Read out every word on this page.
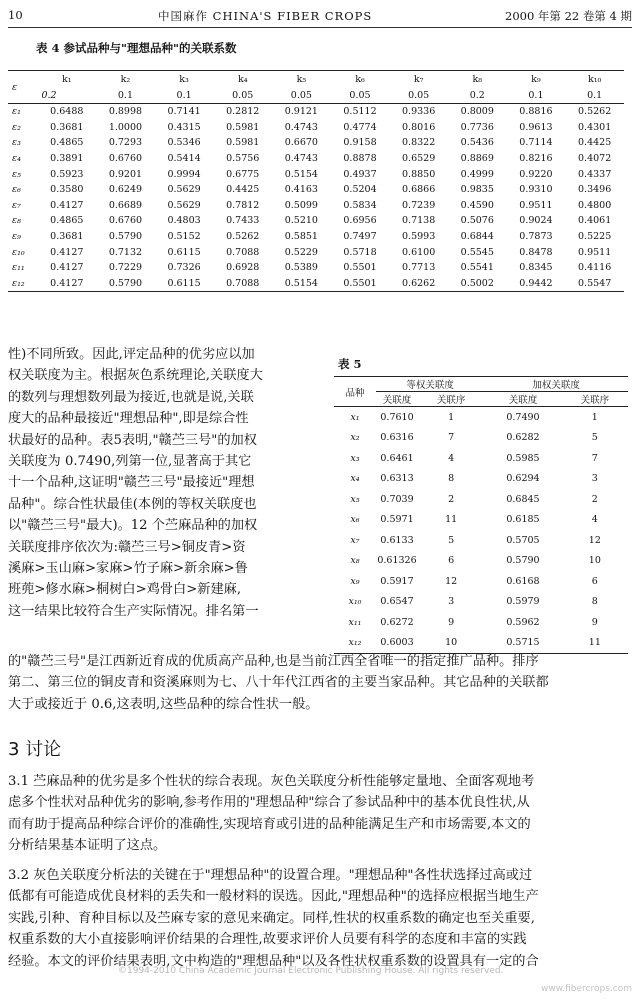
10	中国麻作 CHINA'S FIBER CROPS	2000 年第 22 卷第 4 期
表 4 参试品种与"理想品种"的关联系数
ε	k₁	k₂	k₃	k₄	k₅	k₆	k₇	k₈	k₉	k₁₀
	0.2	0.1	0.1	0.05	0.05	0.05	0.05	0.2	0.1	0.1
ε₁	0.6488	0.8998	0.7141	0.2812	0.9121	0.5112	0.9336	0.8009	0.8816	0.5262
ε₂	0.3681	1.0000	0.4315	0.5981	0.4743	0.4774	0.8016	0.7736	0.9613	0.4301
ε₃	0.4865	0.7293	0.5346	0.5981	0.6670	0.9158	0.8322	0.5436	0.7114	0.4425
ε₄	0.3891	0.6760	0.5414	0.5756	0.4743	0.8878	0.6529	0.8869	0.8216	0.4072
ε₅	0.5923	0.9201	0.9994	0.6775	0.5154	0.4937	0.8850	0.4999	0.9220	0.4337
ε₆	0.3580	0.6249	0.5629	0.4425	0.4163	0.5204	0.6866	0.9835	0.9310	0.3496
ε₇	0.4127	0.6689	0.5629	0.7812	0.5099	0.5834	0.7239	0.4590	0.9511	0.4800
ε₈	0.4865	0.6760	0.4803	0.7433	0.5210	0.6956	0.7138	0.5076	0.9024	0.4061
ε₉	0.3681	0.5790	0.5152	0.5262	0.5851	0.7497	0.5993	0.6844	0.7873	0.5225
ε₁₀	0.4127	0.7132	0.6115	0.7088	0.5229	0.5718	0.6100	0.5545	0.8478	0.9511
ε₁₁	0.4127	0.7229	0.7326	0.6928	0.5389	0.5501	0.7713	0.5541	0.8345	0.4116
ε₁₂	0.4127	0.5790	0.6115	0.7088	0.5154	0.5501	0.6262	0.5002	0.9442	0.5547

性)不同所致。因此,评定品种的优劣应以加

权关联度为主。根据灰色系统理论,关联度大

的数列与理想数列最为接近,也就是说,关联

度大的品种最接近"理想品种",即是综合性

状最好的品种。表5表明,"赣苎三号"的加权

关联度为 0.7490,列第一位,显著高于其它

十一个品种,这证明"赣苎三号"最接近"理想

品种"。综合性状最佳(本例的等权关联度也

以"赣苎三号"最大)。12 个苎麻品种的加权

关联度排序依次为:赣苎三号>铜皮青>资

溪麻>玉山麻>家麻>竹子麻>新余麻>鲁

班蔸>修水麻>桐树白>鸡骨白>新建麻,

这一结果比较符合生产实际情况。排名第一

表 5
品种	等权关联度		加权关联度	
	关联度	关联序	关联度	关联序
x₁	0.7610	1	0.7490	1
x₂	0.6316	7	0.6282	5
x₃	0.6461	4	0.5985	7
x₄	0.6313	8	0.6294	3
x₅	0.7039	2	0.6845	2
x₆	0.5971	11	0.6185	4
x₇	0.6133	5	0.5705	12
x₈	0.61326	6	0.5790	10
x₉	0.5917	12	0.6168	6
x₁₀	0.6547	3	0.5979	8
x₁₁	0.6272	9	0.5962	9
x₁₂	0.6003	10	0.5715	11

的"赣苎三号"是江西新近育成的优质高产品种,也是当前江西全省唯一的指定推广品种。排序

第二、第三位的铜皮青和资溪麻则为七、八十年代江西省的主要当家品种。其它品种的关联都

大于或接近于 0.6,这表明,这些品种的综合性状一般。

3 讨论

3.1 苎麻品种的优劣是多个性状的综合表现。灰色关联度分析性能够定量地、全面客观地考

虑多个性状对品种优劣的影响,参考作用的"理想品种"综合了参试品种中的基本优良性状,从

而有助于提高品种综合评价的准确性,实现培育或引进的品种能满足生产和市场需要,本文的

分析结果基本证明了这点。

3.2 灰色关联度分析法的关键在于"理想品种"的设置合理。"理想品种"各性状选择过高或过

低都有可能造成优良材料的丢失和一般材料的误选。因此,"理想品种"的选择应根据当地生产

实践,引种、育种目标以及苎麻专家的意见来确定。同样,性状的权重系数的确定也至关重要,

权重系数的大小直接影响评价结果的合理性,故要求评价人员要有科学的态度和丰富的实践

经验。本文的评价结果表明,文中构造的"理想品种"以及各性状权重系数的设置具有一定的合

©1994-2010 China Academic Journal Electronic Publishing House. All rights reserved.
www.fibercrops.com
